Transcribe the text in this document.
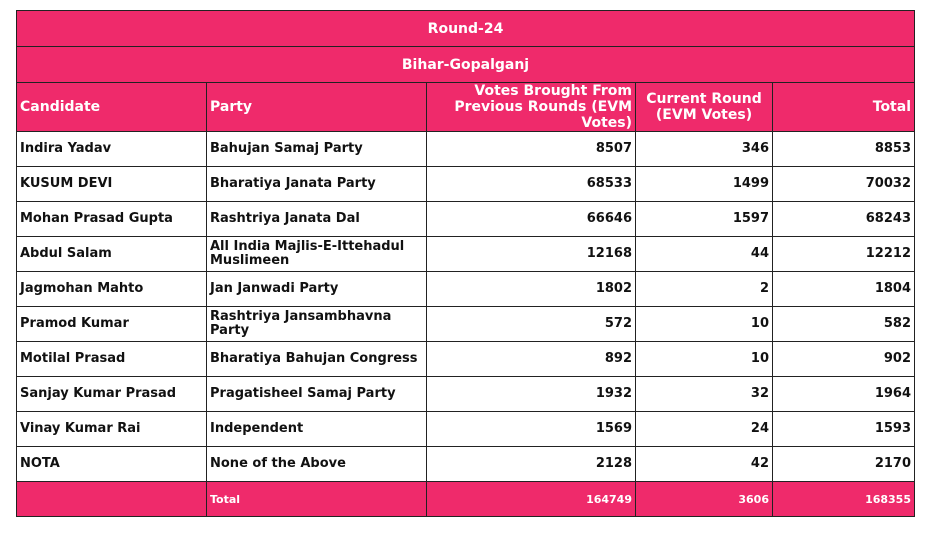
Round-24				
Bihar-Gopalganj				
Candidate	Party	Votes Brought From Previous Rounds (EVM Votes)	Current Round (EVM Votes)	Total
Indira Yadav	Bahujan Samaj Party	8507	346	8853
KUSUM DEVI	Bharatiya Janata Party	68533	1499	70032
Mohan Prasad Gupta	Rashtriya Janata Dal	66646	1597	68243
Abdul Salam	All India Majlis-E-Ittehadul Muslimeen	12168	44	12212
Jagmohan Mahto	Jan Janwadi Party	1802	2	1804
Pramod Kumar	Rashtriya Jansambhavna Party	572	10	582
Motilal Prasad	Bharatiya Bahujan Congress	892	10	902
Sanjay Kumar Prasad	Pragatisheel Samaj Party	1932	32	1964
Vinay Kumar Rai	Independent	1569	24	1593
NOTA	None of the Above	2128	42	2170
	Total	164749	3606	168355
